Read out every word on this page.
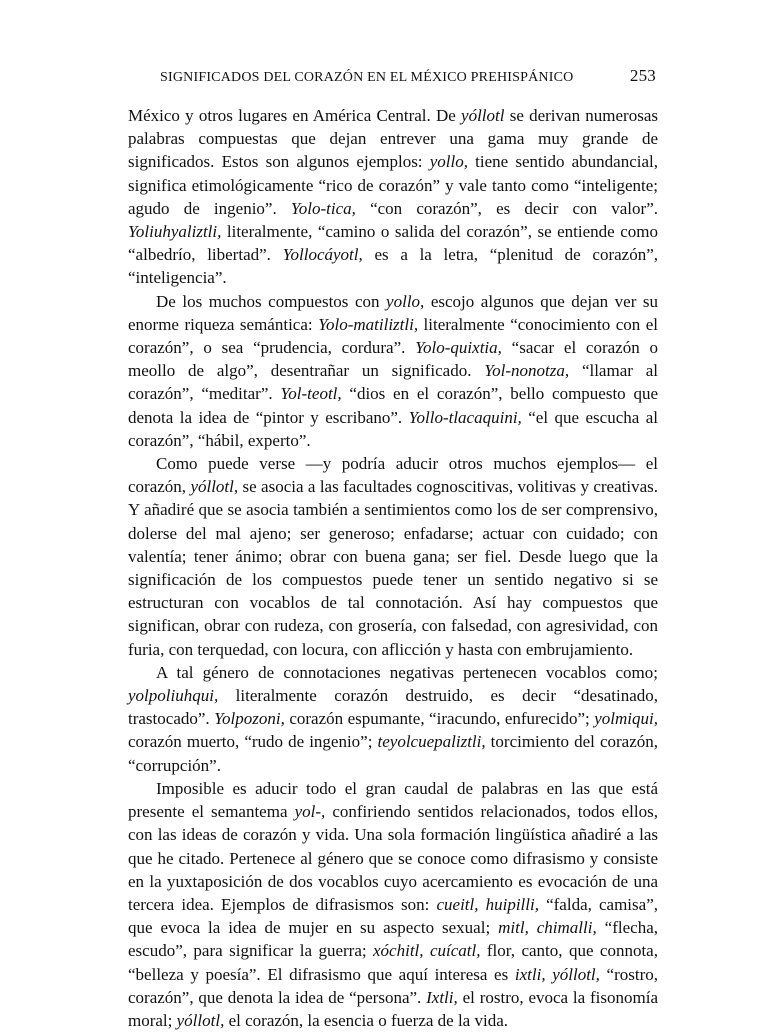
SIGNIFICADOS DEL CORAZÓN EN EL MÉXICO PREHISPÁNICO	253

México y otros lugares en América Central. De yóllotl se derivan numerosas palabras compuestas que dejan entrever una gama muy grande de significados. Estos son algunos ejemplos: yollo, tiene sentido abundancial, significa etimológicamente “rico de corazón” y vale tanto como “inteligente; agudo de ingenio”. Yolo-tica, “con corazón”, es decir con valor”. Yoliuhyaliztli, literalmente, “camino o salida del corazón”, se entiende como “albedrío, libertad”. Yollocáyotl, es a la letra, “plenitud de corazón”, “inteligencia”.

De los muchos compuestos con yollo, escojo algunos que dejan ver su enorme riqueza semántica: Yolo-matiliztli, literalmente “conocimiento con el corazón”, o sea “prudencia, cordura”. Yolo-quixtia, “sacar el corazón o meollo de algo”, desentrañar un significado. Yol-nonotza, “llamar al corazón”, “meditar”. Yol-teotl, “dios en el corazón”, bello compuesto que denota la idea de “pintor y escribano”. Yollo-tlacaquini, “el que escucha al corazón”, “hábil, experto”.

Como puede verse —y podría aducir otros muchos ejemplos— el corazón, yóllotl, se asocia a las facultades cognoscitivas, volitivas y creativas. Y añadiré que se asocia también a sentimientos como los de ser comprensivo, dolerse del mal ajeno; ser generoso; enfadarse; actuar con cuidado; con valentía; tener ánimo; obrar con buena gana; ser fiel. Desde luego que la significación de los compuestos puede tener un sentido negativo si se estructuran con vocablos de tal connotación. Así hay compuestos que significan, obrar con rudeza, con grosería, con falsedad, con agresividad, con furia, con terquedad, con locura, con aflicción y hasta con embrujamiento.

A tal género de connotaciones negativas pertenecen vocablos como; yolpoliuhqui, literalmente corazón destruido, es decir “desatinado, trastocado”. Yolpozoni, corazón espumante, “iracundo, enfurecido”; yolmiqui, corazón muerto, “rudo de ingenio”; teyolcuepaliztli, torcimiento del corazón, “corrupción”.

Imposible es aducir todo el gran caudal de palabras en las que está presente el semantema yol-, confiriendo sentidos relacionados, todos ellos, con las ideas de corazón y vida. Una sola formación lingüística añadiré a las que he citado. Pertenece al género que se conoce como difrasismo y consiste en la yuxtaposición de dos vocablos cuyo acercamiento es evocación de una tercera idea. Ejemplos de difrasismos son: cueitl, huipilli, “falda, camisa”, que evoca la idea de mujer en su aspecto sexual; mitl, chimalli, “flecha, escudo”, para significar la guerra; xóchitl, cuícatl, flor, canto, que connota, “belleza y poesía”. El difrasismo que aquí interesa es ixtli, yóllotl, “rostro, corazón”, que denota la idea de “persona”. Ixtli, el rostro, evoca la fisonomía moral; yóllotl, el corazón, la esencia o fuerza de la vida.
